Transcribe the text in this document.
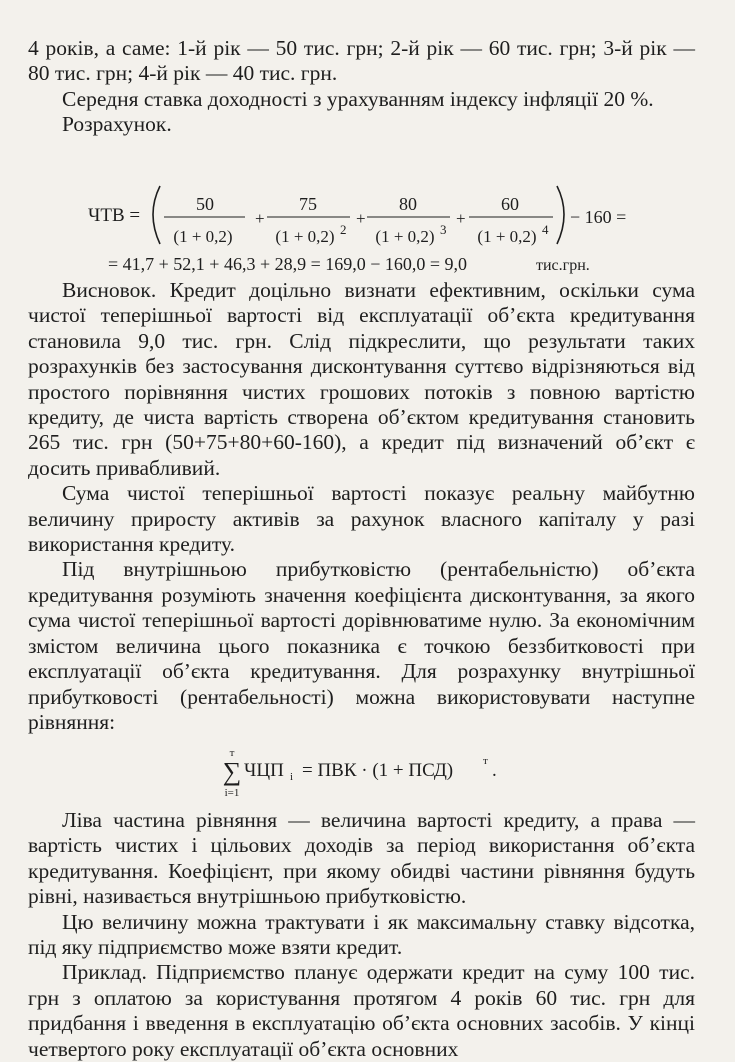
4 років, а саме: 1-й рік — 50 тис. грн; 2-й рік — 60 тис. грн; 3-й рік — 80 тис. грн; 4-й рік — 40 тис. грн.

Середня ставка доходності з урахуванням індексу інфляції 20 %.

Розрахунок.

ЧТВ =
50
(1 + 0,2)
+
75
(1 + 0,2) 2
+
80
(1 + 0,2) 3
+
60
(1 + 0,2) 4
− 160 =
= 41,7 + 52,1 + 46,3 + 28,9 = 169,0 − 160,0 = 9,0	тис.грн.

Висновок. Кредит доцільно визнати ефективним, оскільки сума чистої теперішньої вартості від експлуатації об’єкта кредитування становила 9,0 тис. грн. Слід підкреслити, що результати таких розрахунків без застосування дисконтування суттєво відрізняються від простого порівняння чистих грошових потоків з повною вартістю кредиту, де чиста вартість створена об’єктом кредитування становить 265 тис. грн (50+75+80+60-160), а кредит під визначений об’єкт є досить привабливий.

Сума чистої теперішньої вартості показує реальну майбутню величину приросту активів за рахунок власного капіталу у разі використання кредиту.

Під внутрішньою прибутковістю (рентабельністю) об’єкта кредитування розуміють значення коефіцієнта дисконтування, за якого сума чистої теперішньої вартості дорівнюватиме нулю. За економічним змістом величина цього показника є точкою беззбитковості при експлуатації об’єкта кредитування. Для розрахунку внутрішньої прибутковості (рентабельності) можна використовувати наступне рівняння:

т
∑
i=1
ЧЦП i = ПВК · (1 + ПСД)	т .

Ліва частина рівняння — величина вартості кредиту, а права — вартість чистих і цільових доходів за період використання об’єкта кредитування. Коефіцієнт, при якому обидві частини рівняння будуть рівні, називається внутрішньою прибутковістю.

Цю величину можна трактувати і як максимальну ставку відсотка, під яку підприємство може взяти кредит.

Приклад. Підприємство планує одержати кредит на суму 100 тис. грн з оплатою за користування протягом 4 років 60 тис. грн для придбання і введення в експлуатацію об’єкта основних засобів. У кінці четвертого року експлуатації об’єкта основних
